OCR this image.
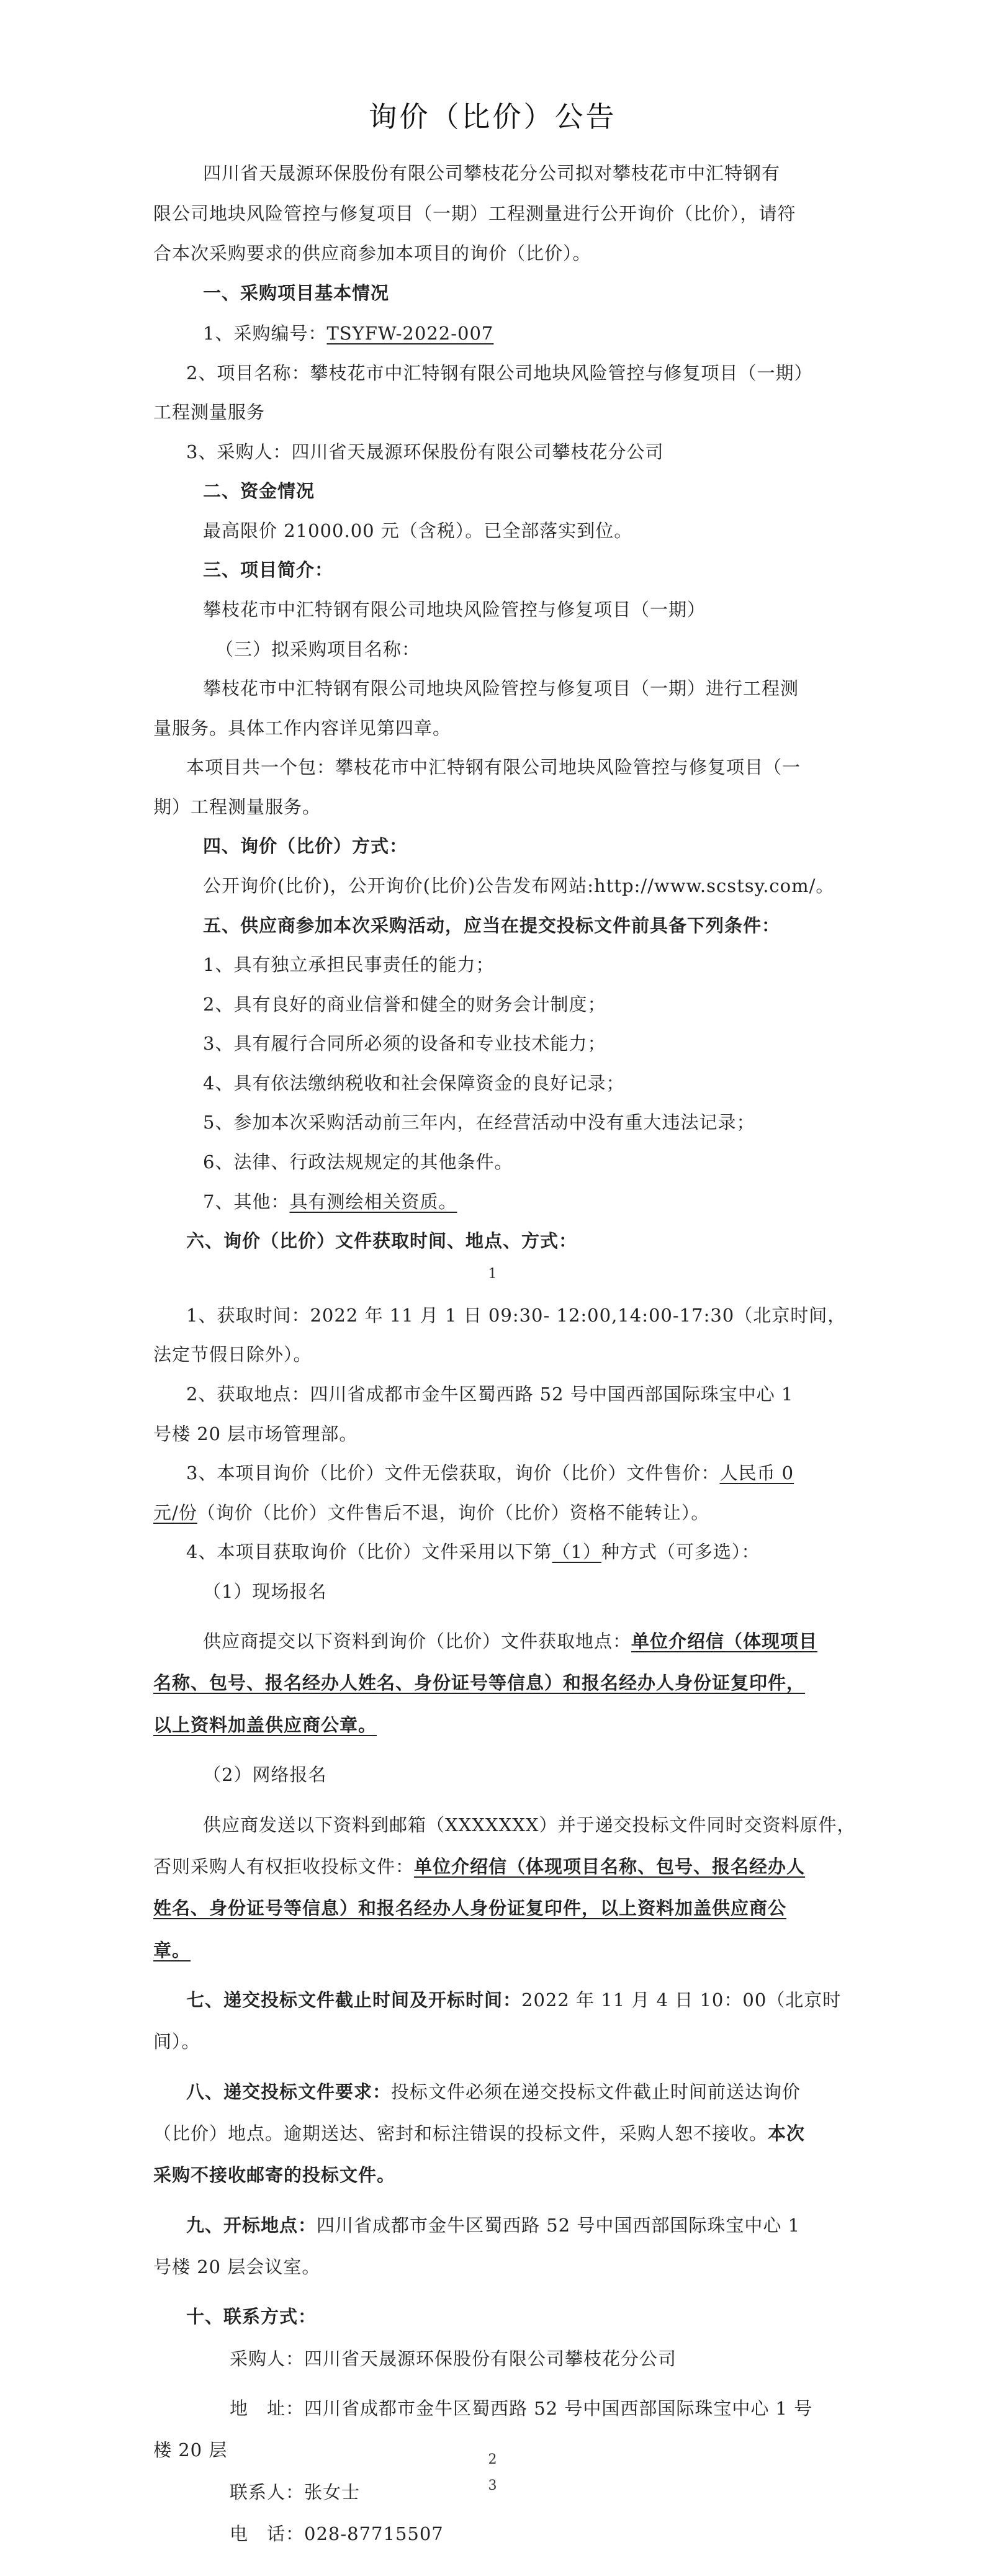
询价（比价）公告
四川省天晟源环保股份有限公司攀枝花分公司拟对攀枝花市中汇特钢有
限公司地块风险管控与修复项目（一期）工程测量进行公开询价（比价），请符
合本次采购要求的供应商参加本项目的询价（比价）。
一、采购项目基本情况
1、采购编号：TSYFW-2022-007
2、项目名称：攀枝花市中汇特钢有限公司地块风险管控与修复项目（一期）
工程测量服务
3、采购人：四川省天晟源环保股份有限公司攀枝花分公司
二、资金情况
最高限价 21000.00 元（含税）。已全部落实到位。
三、项目简介：
攀枝花市中汇特钢有限公司地块风险管控与修复项目（一期）
（三）拟采购项目名称：
攀枝花市中汇特钢有限公司地块风险管控与修复项目（一期）进行工程测
量服务。具体工作内容详见第四章。
本项目共一个包：攀枝花市中汇特钢有限公司地块风险管控与修复项目（一
期）工程测量服务。
四、询价（比价）方式：
公开询价(比价)，公开询价(比价)公告发布网站:http://www.scstsy.com/。
五、供应商参加本次采购活动，应当在提交投标文件前具备下列条件：
1、具有独立承担民事责任的能力；
2、具有良好的商业信誉和健全的财务会计制度；
3、具有履行合同所必须的设备和专业技术能力；
4、具有依法缴纳税收和社会保障资金的良好记录；
5、参加本次采购活动前三年内，在经营活动中没有重大违法记录；
6、法律、行政法规规定的其他条件。
7、其他：具有测绘相关资质。
六、询价（比价）文件获取时间、地点、方式：
1、获取时间：2022 年 11 月 1 日 09:30- 12:00,14:00-17:30（北京时间，
法定节假日除外）。
2、获取地点：四川省成都市金牛区蜀西路 52 号中国西部国际珠宝中心 1
号楼 20 层市场管理部。
3、本项目询价（比价）文件无偿获取，询价（比价）文件售价：人民币 0
元/份（询价（比价）文件售后不退，询价（比价）资格不能转让）。
4、本项目获取询价（比价）文件采用以下第（1）种方式（可多选）：
（1）现场报名
供应商提交以下资料到询价（比价）文件获取地点：单位介绍信（体现项目
名称、包号、报名经办人姓名、身份证号等信息）和报名经办人身份证复印件，
以上资料加盖供应商公章。
（2）网络报名
供应商发送以下资料到邮箱（XXXXXXX）并于递交投标文件同时交资料原件，
否则采购人有权拒收投标文件：单位介绍信（体现项目名称、包号、报名经办人
姓名、身份证号等信息）和报名经办人身份证复印件，以上资料加盖供应商公
章。
七、递交投标文件截止时间及开标时间：2022 年 11 月 4 日 10：00（北京时
间）。
八、递交投标文件要求：投标文件必须在递交投标文件截止时间前送达询价
（比价）地点。逾期送达、密封和标注错误的投标文件，采购人恕不接收。本次
采购不接收邮寄的投标文件。
九、开标地点：四川省成都市金牛区蜀西路 52 号中国西部国际珠宝中心 1
号楼 20 层会议室。
十、联系方式：
采购人：四川省天晟源环保股份有限公司攀枝花分公司
地　址：四川省成都市金牛区蜀西路 52 号中国西部国际珠宝中心 1 号
楼 20 层
联系人：张女士
电　话：028-87715507
1
2
3
